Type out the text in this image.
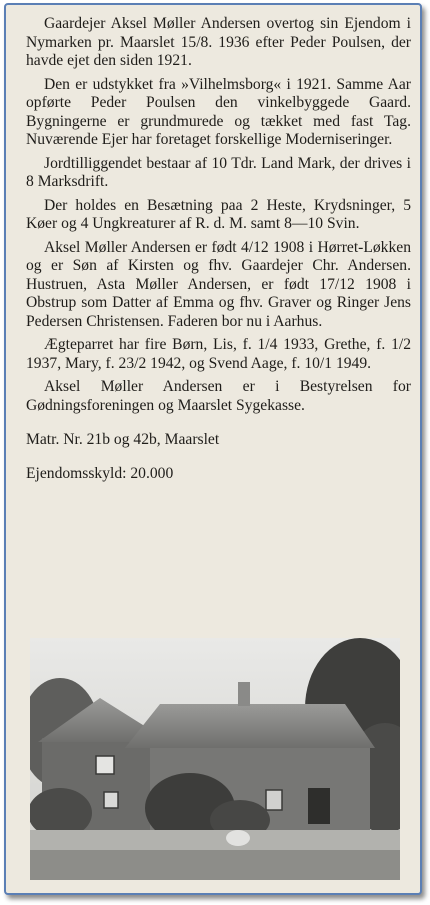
Gaardejer Aksel Møller Andersen overtog sin Ejendom i Nymarken pr. Maarslet 15/8. 1936 efter Peder Poulsen, der havde ejet den siden 1921.

Den er udstykket fra »Vilhelmsborg« i 1921. Samme Aar opførte Peder Poulsen den vinkelbyggede Gaard. Bygningerne er grundmurede og tækket med fast Tag. Nuværende Ejer har foretaget forskellige Moderniseringer.

Jordtilliggendet bestaar af 10 Tdr. Land Mark, der drives i 8 Marksdrift.

Der holdes en Besætning paa 2 Heste, Krydsninger, 5 Køer og 4 Ungkreaturer af R. d. M. samt 8—10 Svin.

Aksel Møller Andersen er født 4/12 1908 i Hørret-Løkken og er Søn af Kirsten og fhv. Gaardejer Chr. Andersen. Hustruen, Asta Møller Andersen, er født 17/12 1908 i Obstrup som Datter af Emma og fhv. Graver og Ringer Jens Pedersen Christensen. Faderen bor nu i Aarhus.

Ægteparret har fire Børn, Lis, f. 1/4 1933, Grethe, f. 1/2 1937, Mary, f. 23/2 1942, og Svend Aage, f. 10/1 1949.

Aksel Møller Andersen er i Bestyrelsen for Gødningsforeningen og Maarslet Sygekasse.

Matr. Nr. 21b og 42b, Maarslet

Ejendomsskyld: 20.000
